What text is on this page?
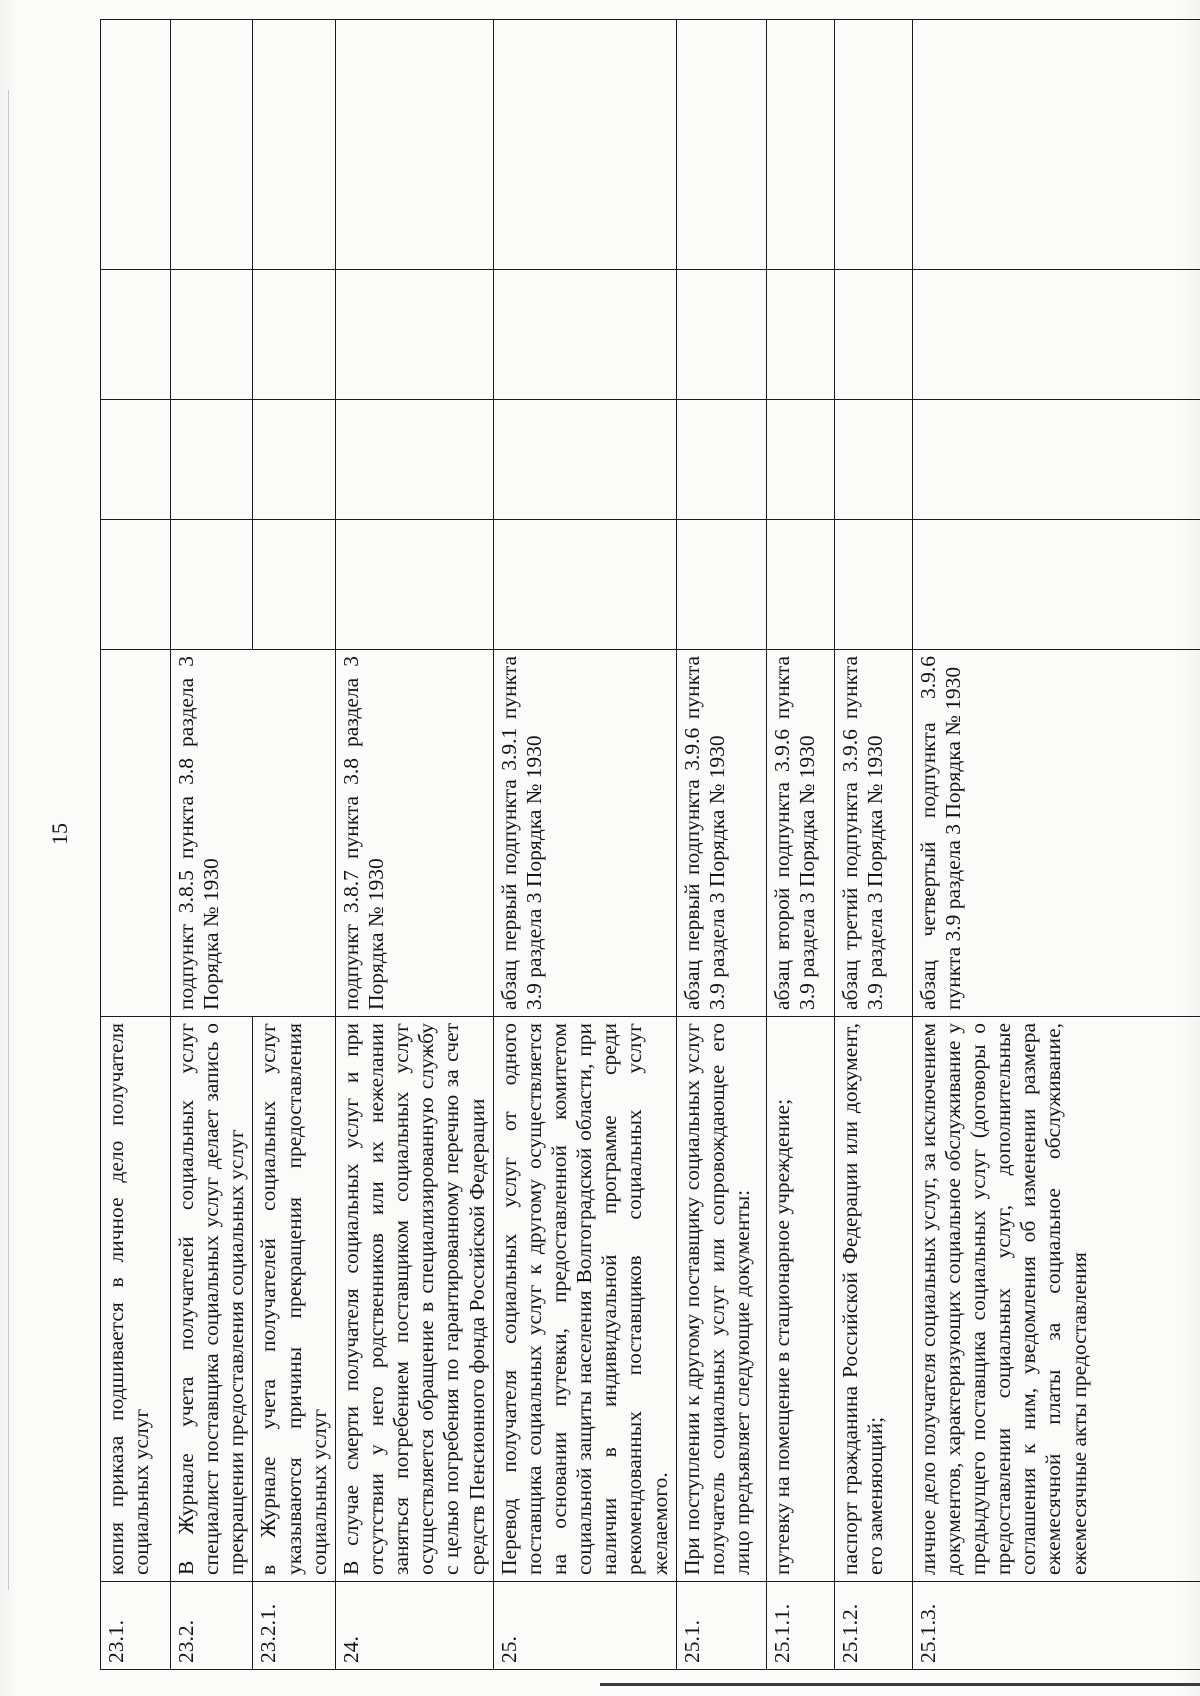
15
23.1.	копия приказа подшивается в личное дело получателя социальных услуг					
23.2.	В Журнале учета получателей социальных услуг специалист поставщика социальных услуг делает запись о прекращении предоставления социальных услуг	подпункт 3.8.5 пункта 3.8 раздела 3 Порядка № 1930				
23.2.1.	в Журнале учета получателей социальных услуг указываются причины прекращения предоставления социальных услуг					
24.	В случае смерти получателя социальных услуг и при отсутствии у него родственников или их нежелании заняться погребением поставщиком социальных услуг осуществляется обращение в специализированную службу с целью погребения по гарантированному перечню за счет средств Пенсионного фонда Российской Федерации	подпункт 3.8.7 пункта 3.8 раздела 3 Порядка № 1930				
25.	Перевод получателя социальных услуг от одного поставщика социальных услуг к другому осуществляется на основании путевки, предоставленной комитетом социальной защиты населения Волгоградской области, при наличии в индивидуальной программе среди рекомендованных поставщиков социальных услуг желаемого.	абзац первый подпункта 3.9.1 пункта 3.9 раздела 3 Порядка № 1930				
25.1.	При поступлении к другому поставщику социальных услуг получатель социальных услуг или сопровождающее его лицо предъявляет следующие документы:	абзац первый подпункта 3.9.6 пункта 3.9 раздела 3 Порядка № 1930				
25.1.1.	путевку на помещение в стационарное учреждение;	абзац второй подпункта 3.9.6 пункта 3.9 раздела 3 Порядка № 1930				
25.1.2.	паспорт гражданина Российской Федерации или документ, его заменяющий;	абзац третий подпункта 3.9.6 пункта 3.9 раздела 3 Порядка № 1930				
25.1.3.	личное дело получателя социальных услуг, за исключением документов, характеризующих социальное обслуживание у предыдущего поставщика социальных услуг (договоры о предоставлении социальных услуг, дополнительные соглашения к ним, уведомления об изменении размера ежемесячной платы за социальное обслуживание, ежемесячные акты предоставления	абзац четвертый подпункта 3.9.6 пункта 3.9 раздела 3 Порядка № 1930				
